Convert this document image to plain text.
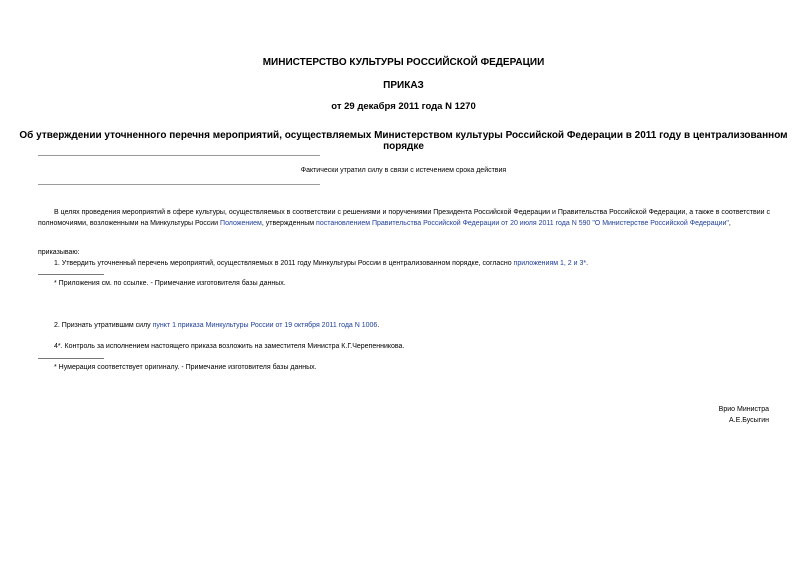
МИНИСТЕРСТВО КУЛЬТУРЫ РОССИЙСКОЙ ФЕДЕРАЦИИ
ПРИКАЗ
от 29 декабря 2011 года N 1270
Об утверждении уточненного перечня мероприятий, осуществляемых Министерством культуры Российской Федерации в 2011 году в централизованном порядке
Фактически утратил силу в связи с истечением срока действия
В целях проведения мероприятий в сфере культуры, осуществляемых в соответствии с решениями и поручениями Президента Российской Федерации и Правительства Российской Федерации, а также в соответствии с полномочиями, возложенными на Минкультуры России Положением, утвержденным постановлением Правительства Российской Федерации от 20 июля 2011 года N 590 "О Министерстве Российской Федерации",
приказываю:
1. Утвердить уточненный перечень мероприятий, осуществляемых в 2011 году Минкультуры России в централизованном порядке, согласно приложениям 1, 2 и 3*.
* Приложения см. по ссылке. - Примечание изготовителя базы данных.
2. Признать утратившим силу пункт 1 приказа Минкультуры России от 19 октября 2011 года N 1006.
4*. Контроль за исполнением настоящего приказа возложить на заместителя Министра К.Г.Черепенникова.
* Нумерация соответствует оригиналу. - Примечание изготовителя базы данных.
Врио Министра
А.Е.Бусыгин
